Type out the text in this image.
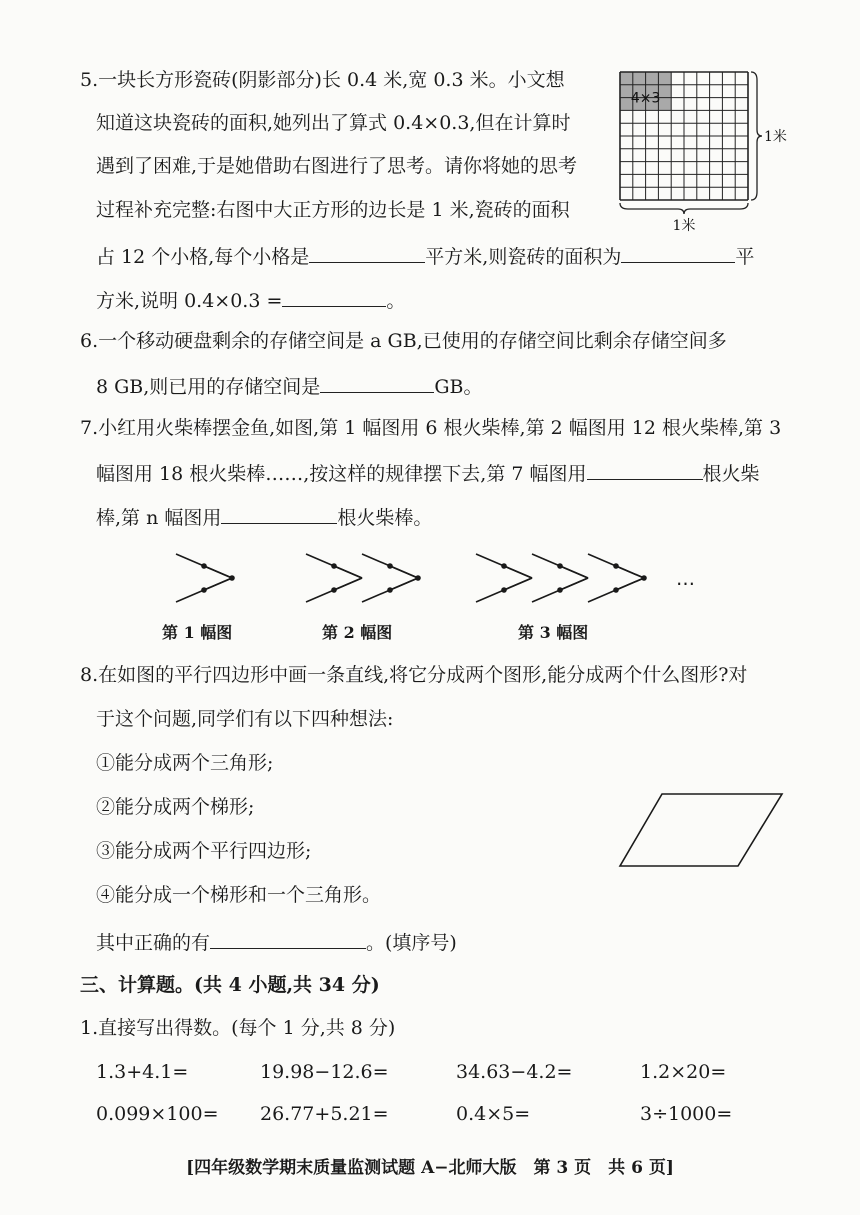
5.一块长方形瓷砖(阴影部分)长 0.4 米,宽 0.3 米。小文想
知道这块瓷砖的面积,她列出了算式 0.4×0.3,但在计算时
遇到了困难,于是她借助右图进行了思考。请你将她的思考
过程补充完整:右图中大正方形的边长是 1 米,瓷砖的面积
占 12 个小格,每个小格是	平方米,则瓷砖的面积为	平
方米,说明 0.4×0.3 =	。
4×3
1米
1米
6.一个移动硬盘剩余的存储空间是 a GB,已使用的存储空间比剩余存储空间多
8 GB,则已用的存储空间是	GB。
7.小红用火柴棒摆金鱼,如图,第 1 幅图用 6 根火柴棒,第 2 幅图用 12 根火柴棒,第 3
幅图用 18 根火柴棒……,按这样的规律摆下去,第 7 幅图用	根火柴
棒,第 n 幅图用	根火柴棒。
…
第 1 幅图	第 2 幅图	第 3 幅图
8.在如图的平行四边形中画一条直线,将它分成两个图形,能分成两个什么图形?对
于这个问题,同学们有以下四种想法:
①能分成两个三角形;
②能分成两个梯形;
③能分成两个平行四边形;
④能分成一个梯形和一个三角形。
其中正确的有	。(填序号)
三、计算题。(共 4 小题,共 34 分)
1.直接写出得数。(每个 1 分,共 8 分)
1.3+4.1=	19.98−12.6=	34.63−4.2=	1.2×20=
0.099×100= 26.77+5.21=	0.4×5=	3÷1000=
[四年级数学期末质量监测试题 A−北师大版　第 3 页　共 6 页]
